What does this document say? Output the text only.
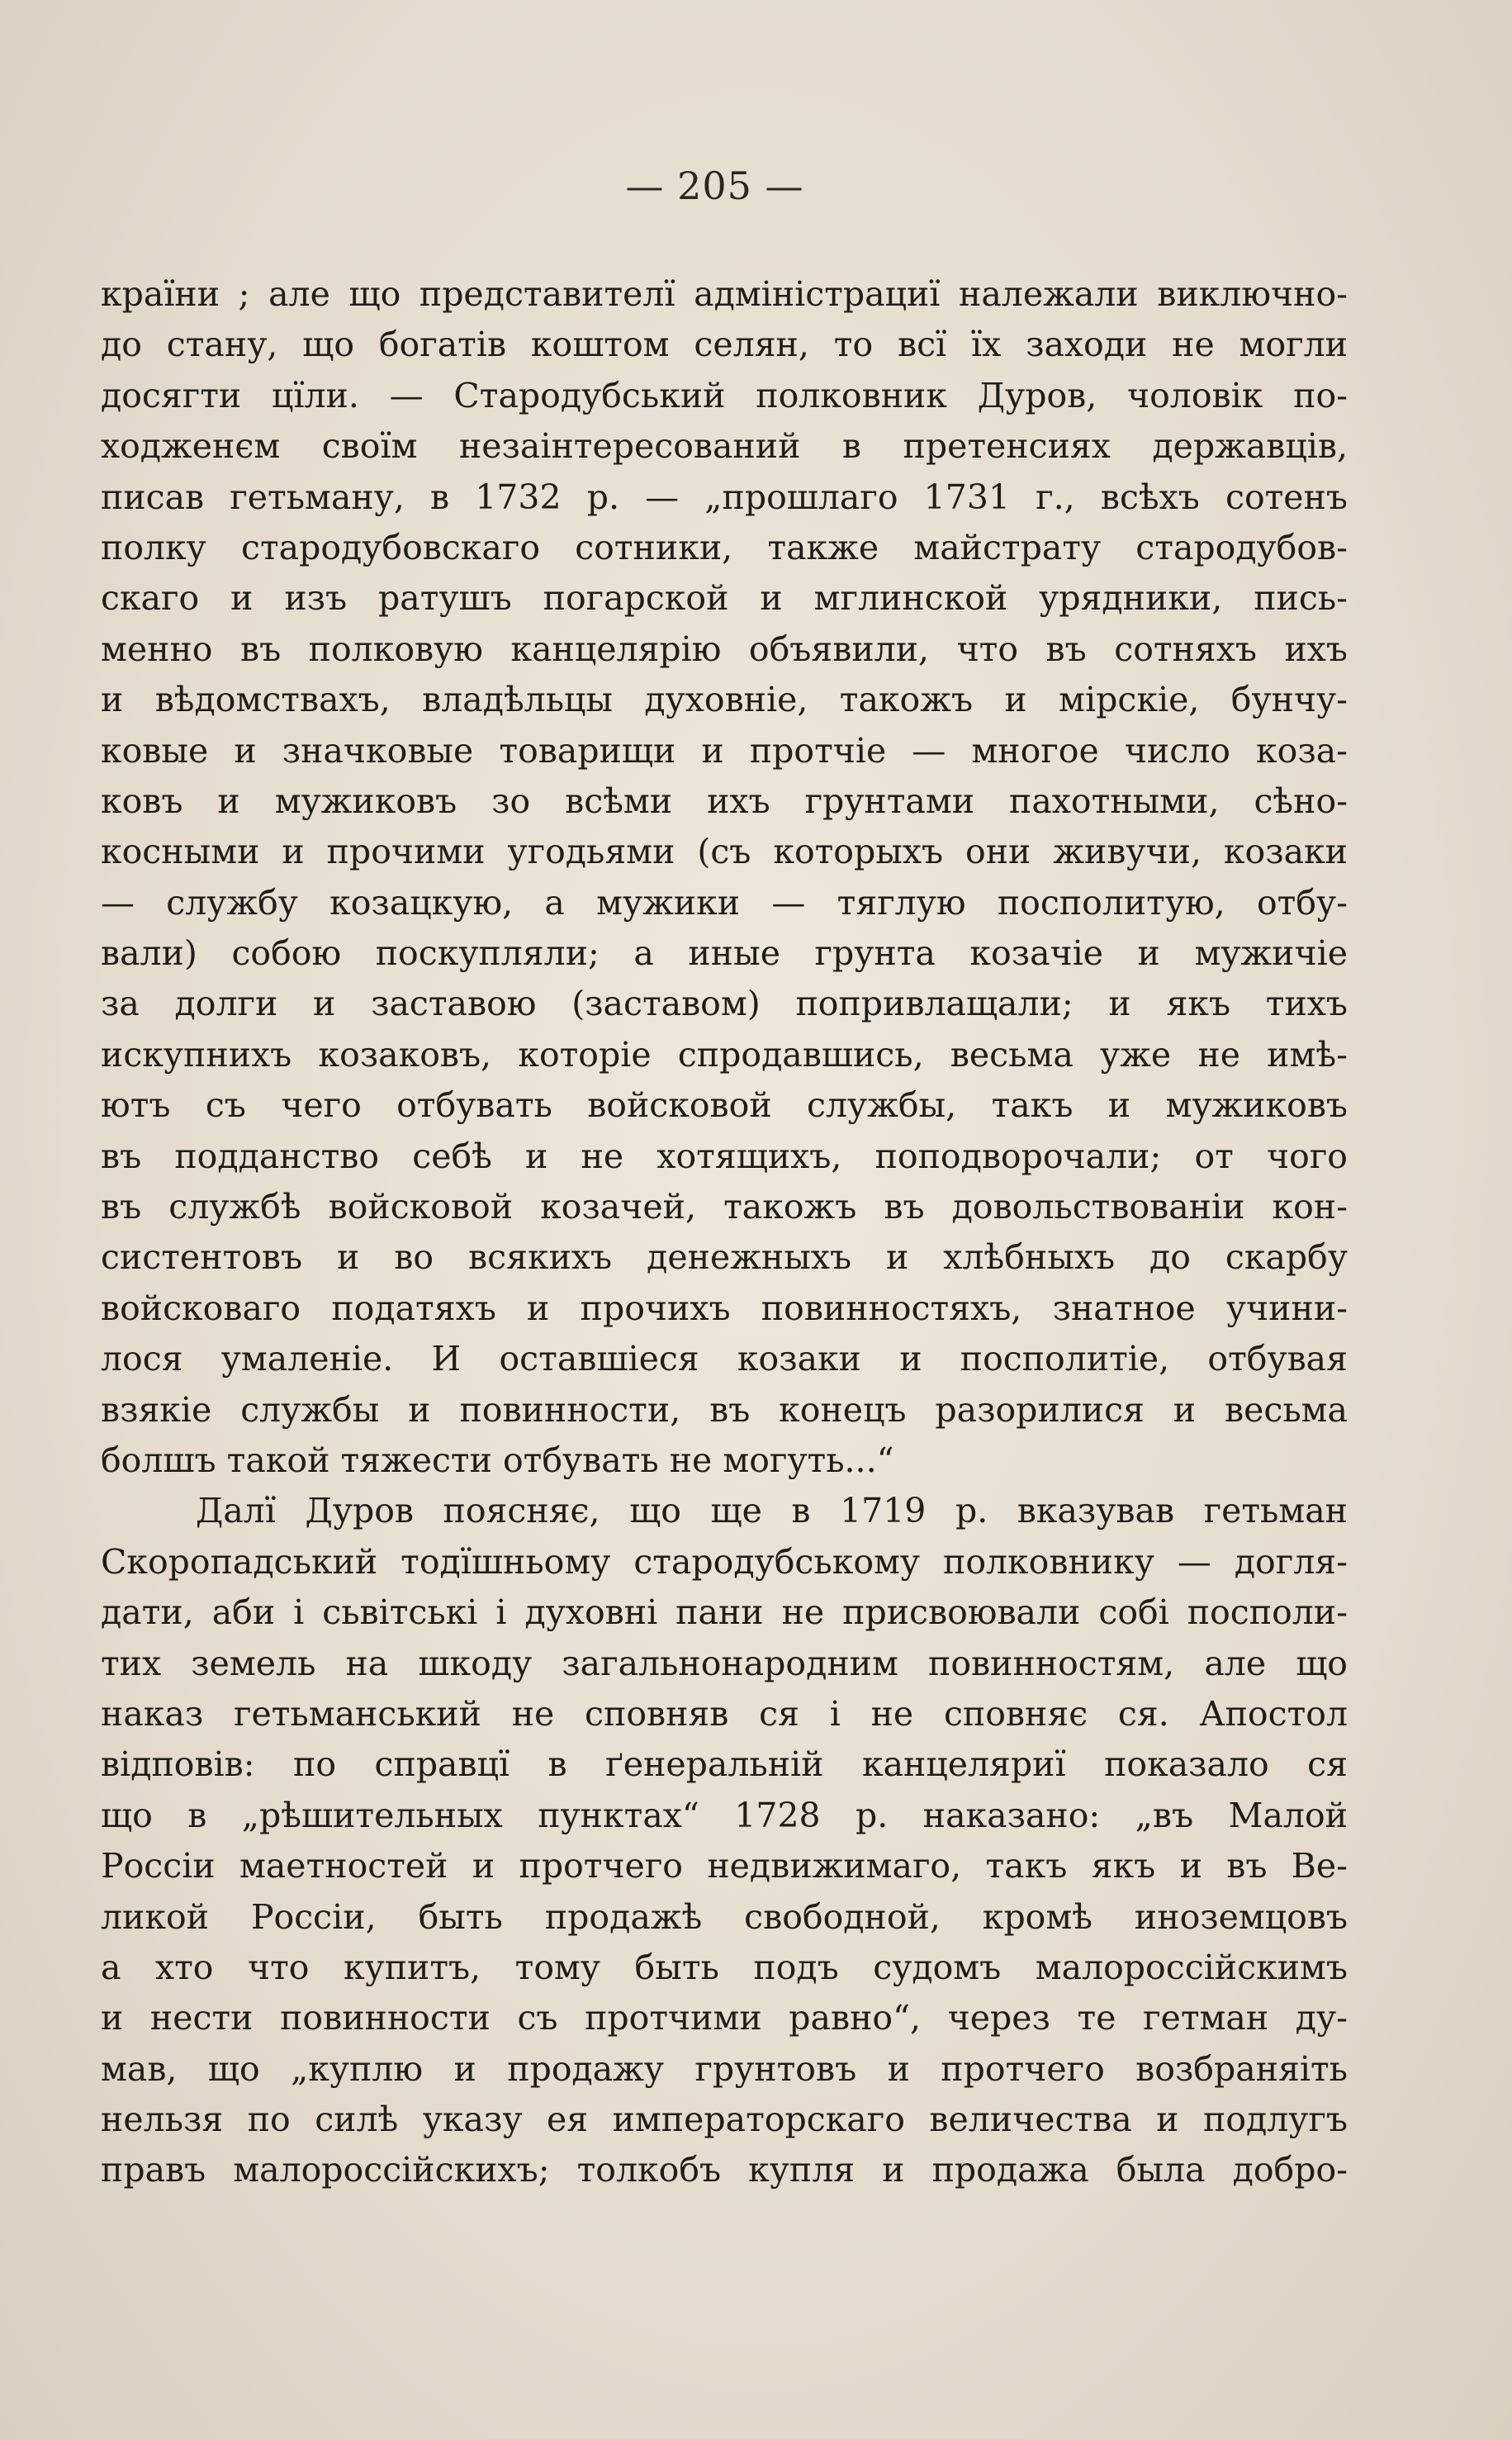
— 205 —
країни ; але що представителї адміністрациї належали виключно-
до стану, що богатів коштом селян, то всї їх заходи не могли
досягти цїли. — Стародубський полковник Дуров, чоловік по-
ходженєм своїм незаінтересований в претенсиях державців,
писав гетьману, в 1732 р. — „прошлаго 1731 г., всѣхъ сотенъ
полку стародубовскаго сотники, также майстрату стародубов-
скаго и изъ ратушъ погарской и мглинской урядники, пись-
менно въ полковую канцелярію объявили, что въ сотняхъ ихъ
и вѣдомствахъ, владѣльцы духовніе, такожъ и мірскіе, бунчу-
ковые и значковые товарищи и протчіе — многое число коза-
ковъ и мужиковъ зо всѣми ихъ грунтами пахотными, сѣно-
косными и прочими угодьями (съ которыхъ они живучи, козаки
— службу козацкую, а мужики — тяглую посполитую, отбу-
вали) собою поскупляли; а иные грунта козачіе и мужичіе
за долги и заставою (заставом) попривлащали; и якъ тихъ
искупнихъ козаковъ, которіе спродавшись, весьма уже не имѣ-
ютъ съ чего отбувать войсковой службы, такъ и мужиковъ
въ подданство себѣ и не хотящихъ, поподворочали; от чого
въ службѣ войсковой козачей, такожъ въ довольствованіи кон-
систентовъ и во всякихъ денежныхъ и хлѣбныхъ до скарбу
войсковаго податяхъ и прочихъ повинностяхъ, знатное учини-
лося умаленіе. И оставшіеся козаки и посполитіе, отбувая
взякіе службы и повинности, въ конецъ разорилися и весьма
болшъ такой тяжести отбувать не могуть...“
Далї Дуров поясняє, що ще в 1719 р. вказував гетьман
Скоропадський тодїшньому стародубському полковнику — догля-
дати, аби і сьвітські і духовні пани не присвоювали собі посполи-
тих земель на шкоду загальнонародним повинностям, але що
наказ гетьманський не сповняв ся і не сповняє ся. Апостол
відповів: по справцї в ґенеральній канцеляриї показало ся
що в „рѣшительных пунктах“ 1728 р. наказано: „въ Малой
Россіи маетностей и протчего недвижимаго, такъ якъ и въ Ве-
ликой Россіи, быть продажѣ свободной, кромѣ иноземцовъ
а хто что купитъ, тому быть подъ судомъ малороссійскимъ
и нести повинности съ протчими равно“, через те гетман ду-
мав, що „куплю и продажу грунтовъ и протчего возбраняіть
нельзя по силѣ указу ея императорскаго величества и подлугъ
правъ малороссійскихъ; толкобъ купля и продажа была добро-
